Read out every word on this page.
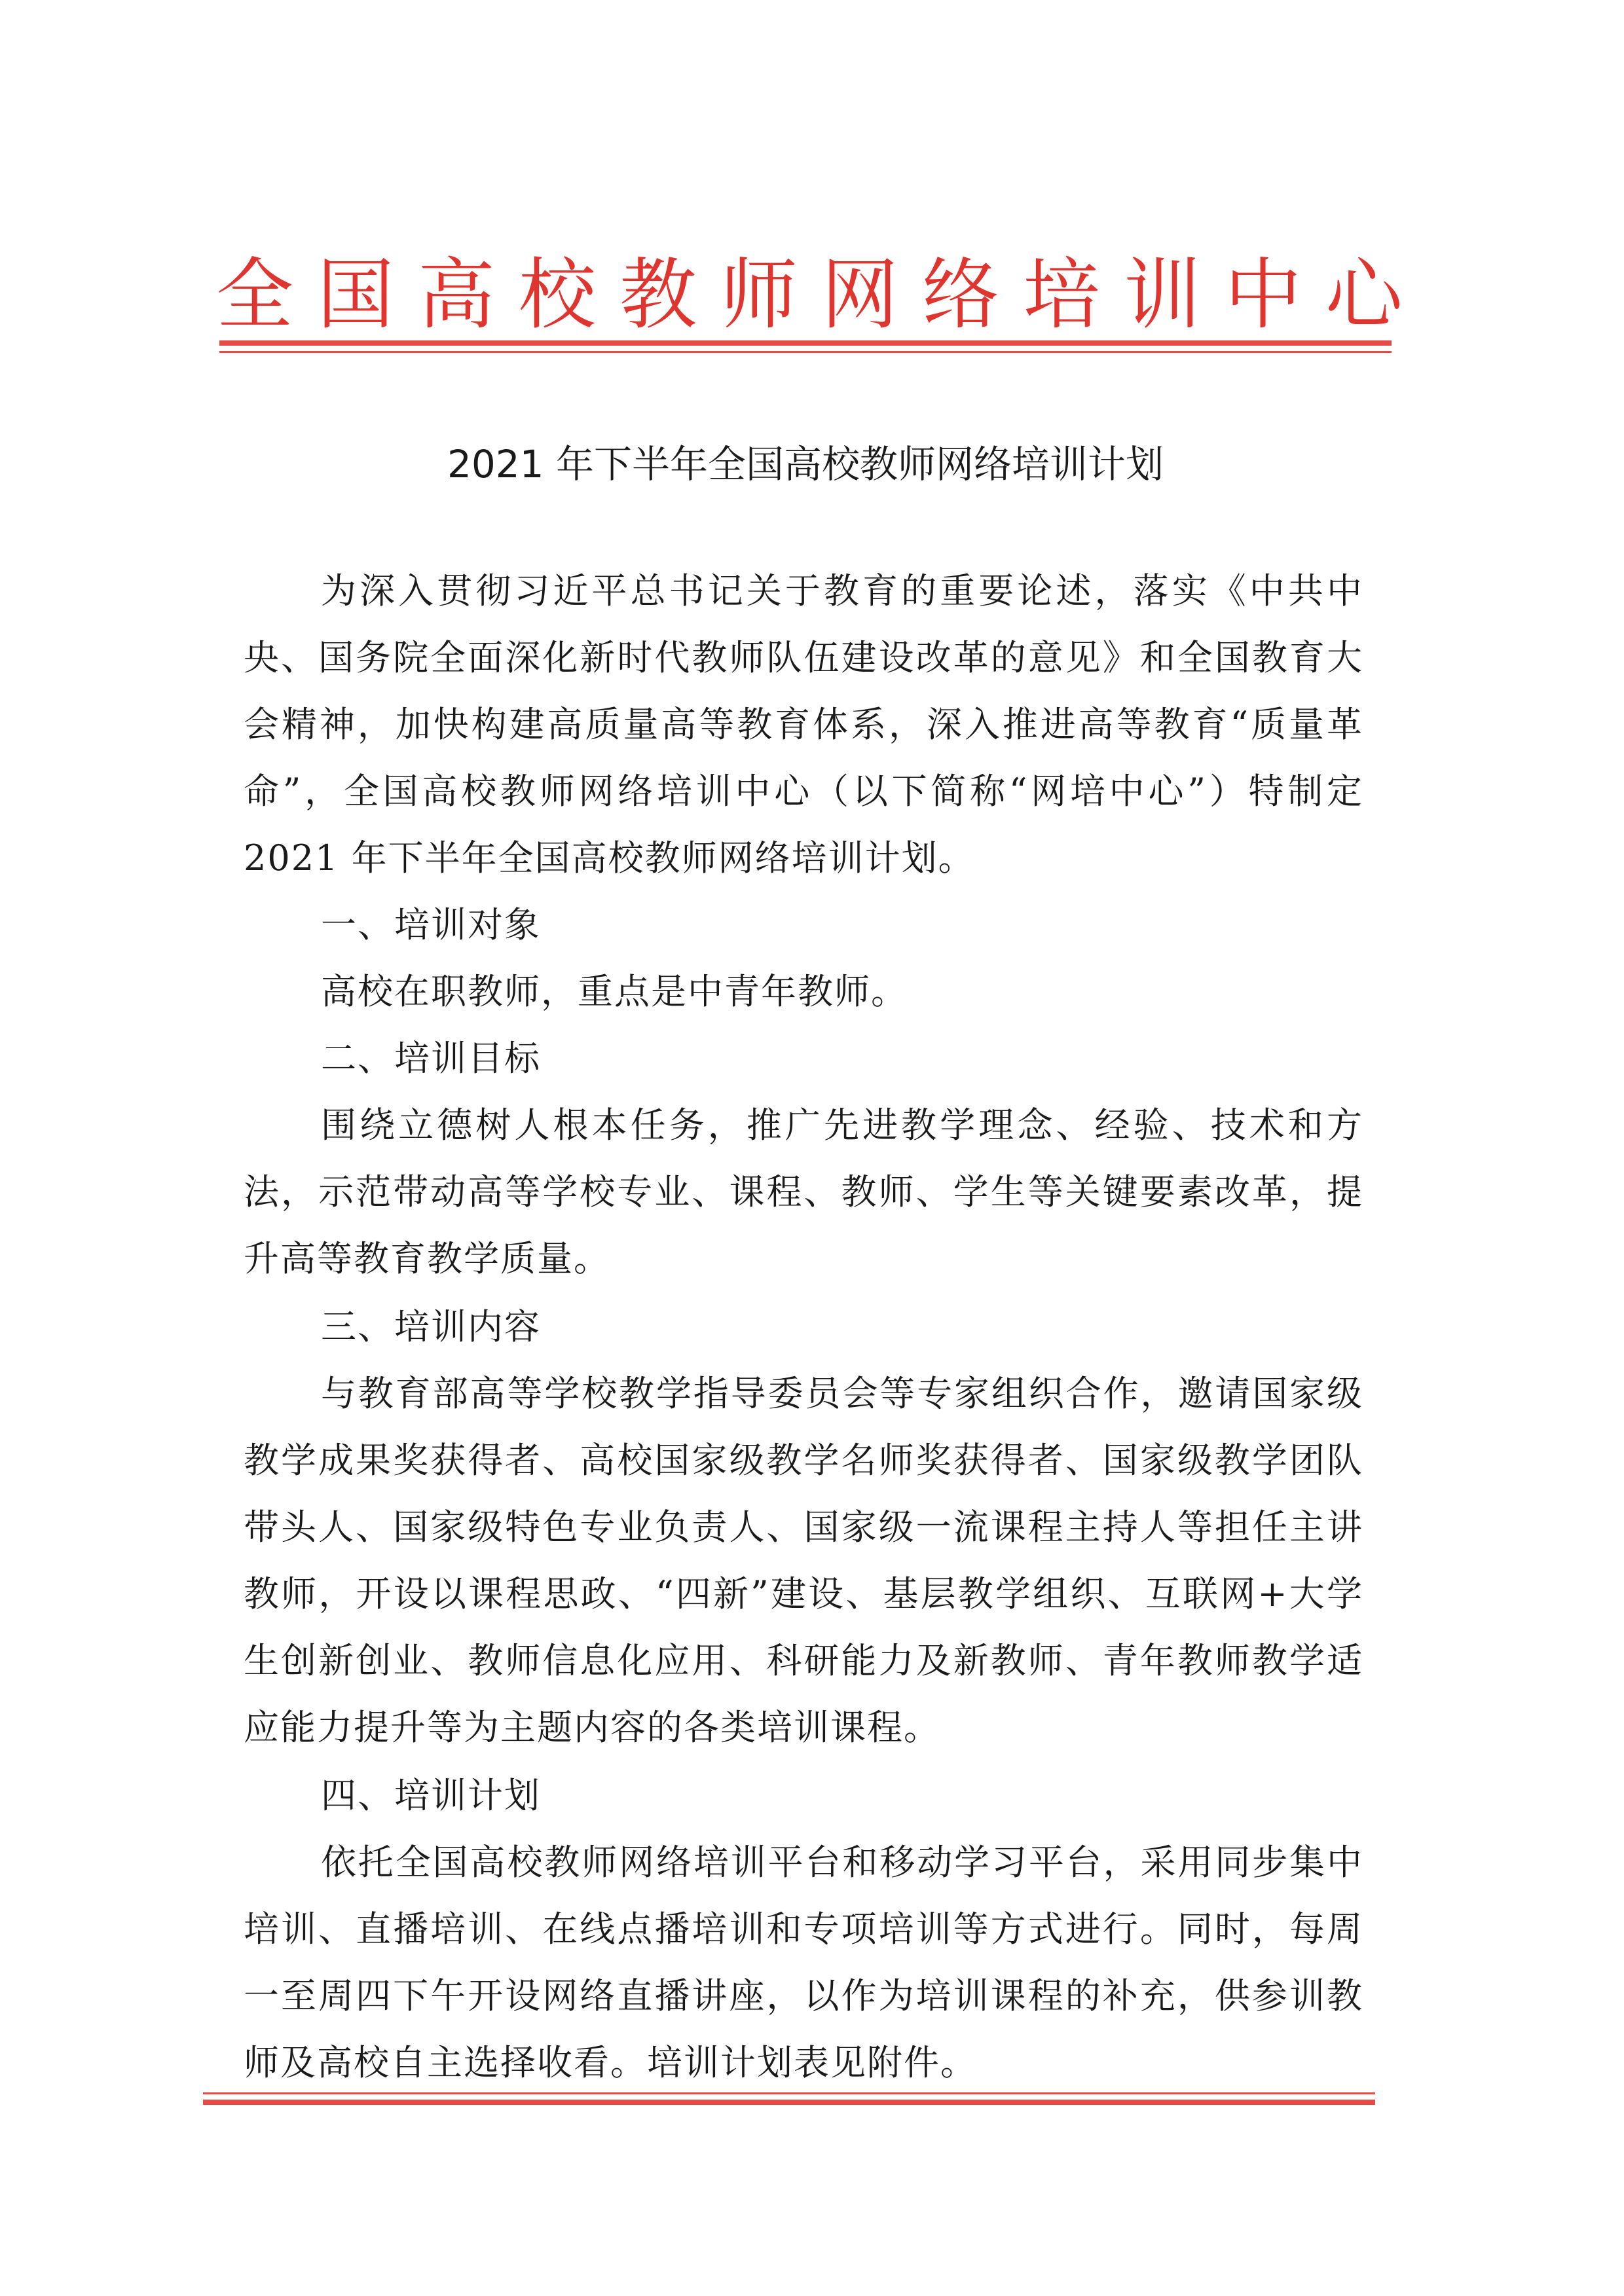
全国高校教师网络培训中心
2021 年下半年全国高校教师网络培训计划

为深入贯彻习近平总书记关于教育的重要论述，落实《中共中央、国务院全面深化新时代教师队伍建设改革的意见》和全国教育大会精神，加快构建高质量高等教育体系，深入推进高等教育“质量革命”，全国高校教师网络培训中心（以下简称“网培中心”）特制定 2021 年下半年全国高校教师网络培训计划。

一、培训对象

高校在职教师，重点是中青年教师。

二、培训目标

围绕立德树人根本任务，推广先进教学理念、经验、技术和方法，示范带动高等学校专业、课程、教师、学生等关键要素改革，提升高等教育教学质量。

三、培训内容

与教育部高等学校教学指导委员会等专家组织合作，邀请国家级教学成果奖获得者、高校国家级教学名师奖获得者、国家级教学团队带头人、国家级特色专业负责人、国家级一流课程主持人等担任主讲教师，开设以课程思政、“四新”建设、基层教学组织、互联网+大学生创新创业、教师信息化应用、科研能力及新教师、青年教师教学适应能力提升等为主题内容的各类培训课程。

四、培训计划

依托全国高校教师网络培训平台和移动学习平台，采用同步集中培训、直播培训、在线点播培训和专项培训等方式进行。同时，每周一至周四下午开设网络直播讲座，以作为培训课程的补充，供参训教师及高校自主选择收看。培训计划表见附件。
